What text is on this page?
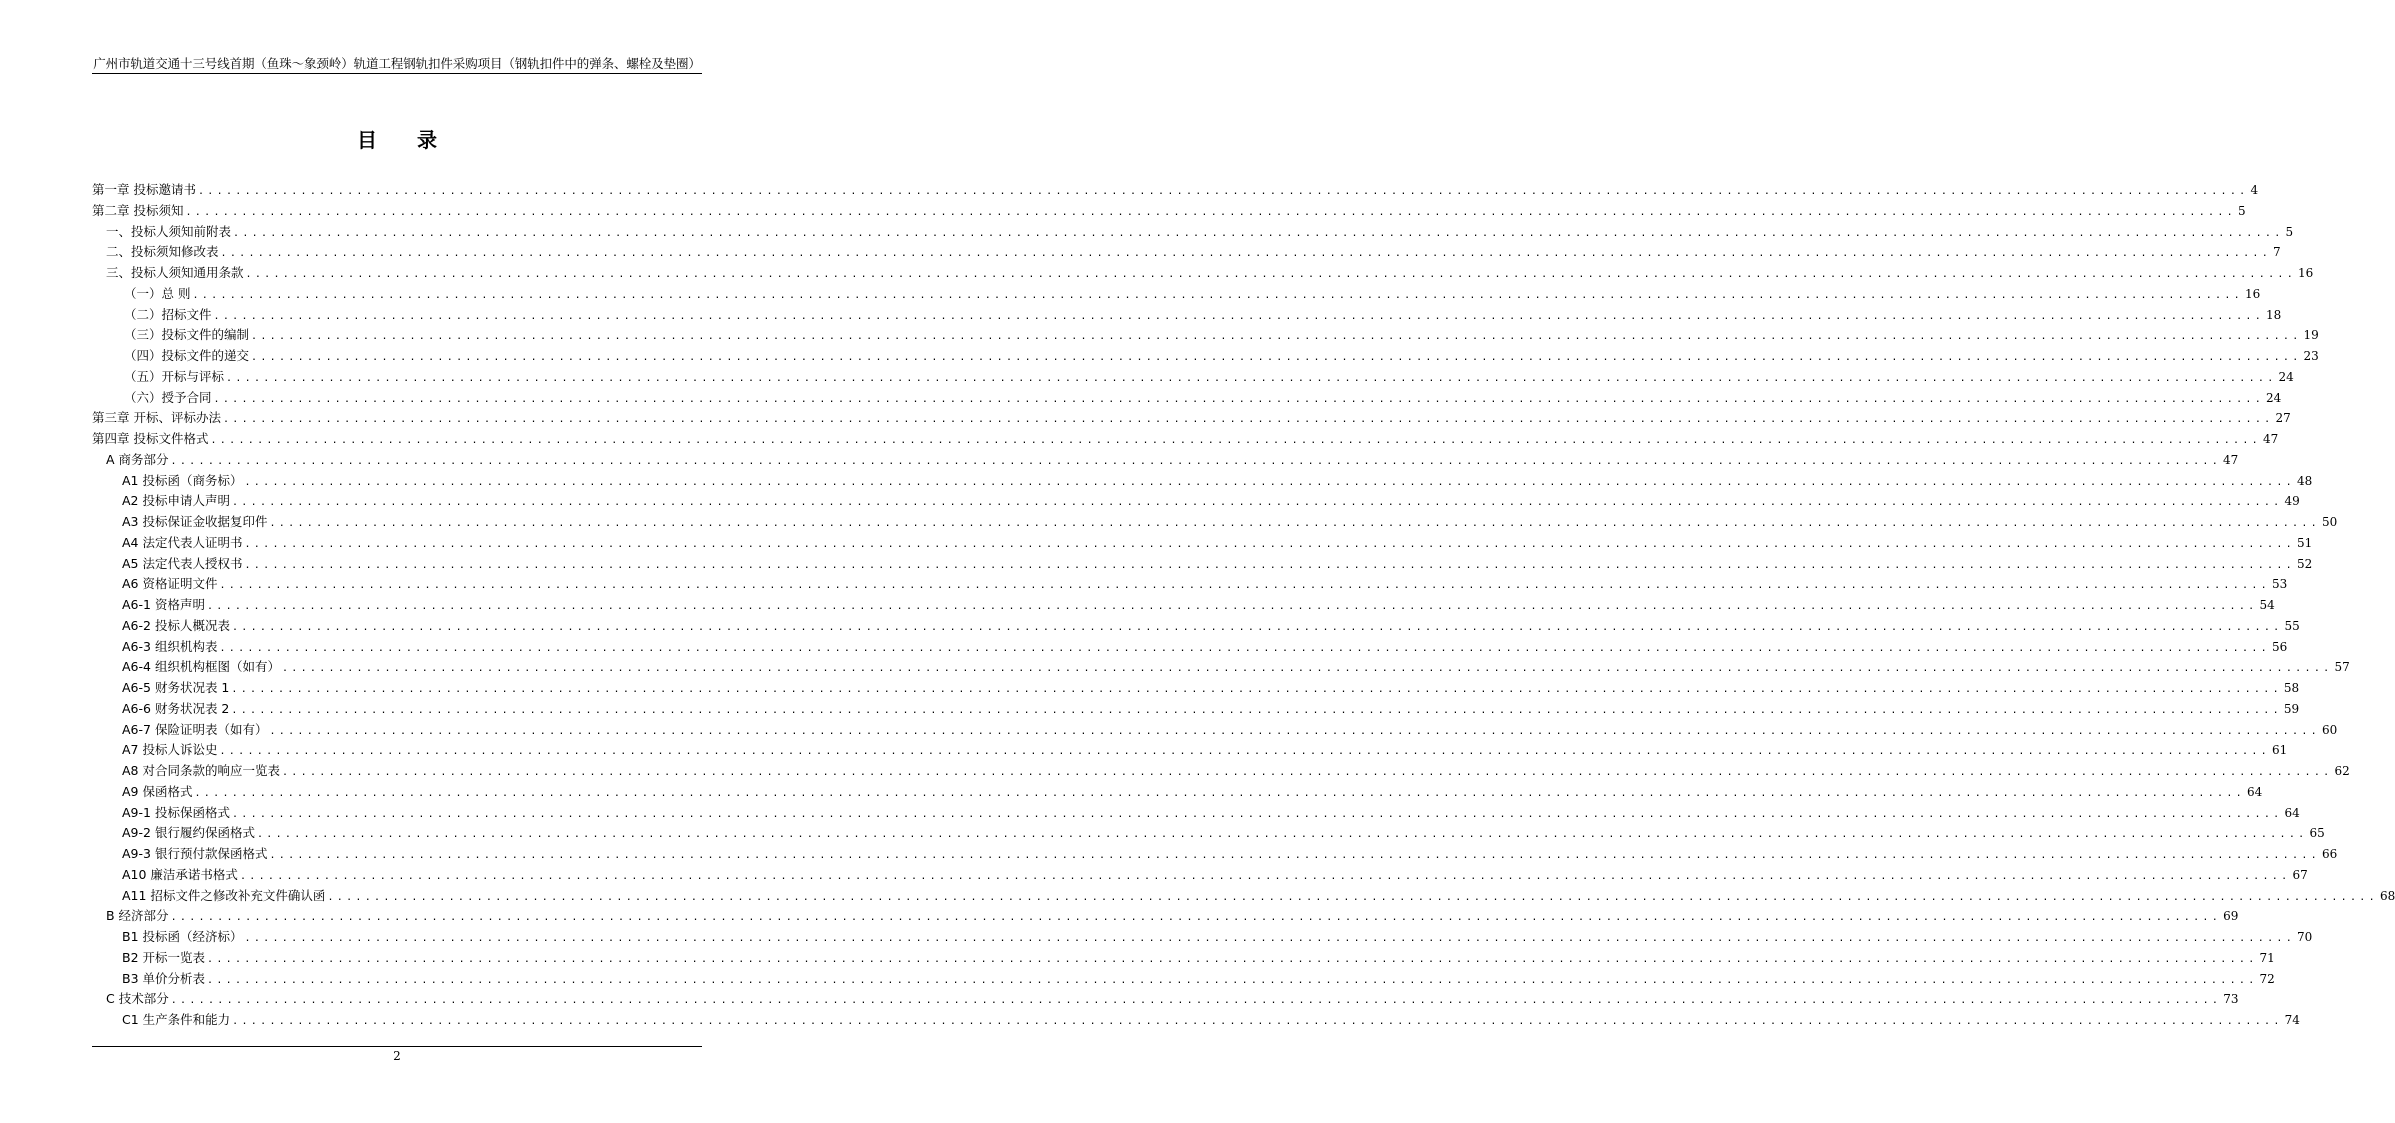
广州市轨道交通十三号线首期（鱼珠～象颈岭）轨道工程钢轨扣件采购项目（钢轨扣件中的弹条、螺栓及垫圈）
目录
第一章 投标邀请书 ............................................................................................................................................................................................................................ 4
第二章 投标须知 ............................................................................................................................................................................................................................ 5
一、投标人须知前附表 ............................................................................................................................................................................................................................ 5
二、投标须知修改表 ............................................................................................................................................................................................................................ 7
三、投标人须知通用条款 ............................................................................................................................................................................................................................ 16
（一）总 则 ............................................................................................................................................................................................................................ 16
（二）招标文件 ............................................................................................................................................................................................................................ 18
（三）投标文件的编制 ............................................................................................................................................................................................................................ 19
（四）投标文件的递交 ............................................................................................................................................................................................................................ 23
（五）开标与评标 ............................................................................................................................................................................................................................ 24
（六）授予合同 ............................................................................................................................................................................................................................ 24
第三章 开标、评标办法 ............................................................................................................................................................................................................................ 27
第四章 投标文件格式 ............................................................................................................................................................................................................................ 47
A 商务部分 ............................................................................................................................................................................................................................ 47
A1 投标函（商务标） ............................................................................................................................................................................................................................ 48
A2 投标申请人声明 ............................................................................................................................................................................................................................ 49
A3 投标保证金收据复印件 ............................................................................................................................................................................................................................ 50
A4 法定代表人证明书 ............................................................................................................................................................................................................................ 51
A5 法定代表人授权书 ............................................................................................................................................................................................................................ 52
A6 资格证明文件 ............................................................................................................................................................................................................................ 53
A6-1 资格声明 ............................................................................................................................................................................................................................ 54
A6-2 投标人概况表 ............................................................................................................................................................................................................................ 55
A6-3 组织机构表 ............................................................................................................................................................................................................................ 56
A6-4 组织机构框图（如有） ............................................................................................................................................................................................................................ 57
A6-5 财务状况表 1 ............................................................................................................................................................................................................................ 58
A6-6 财务状况表 2 ............................................................................................................................................................................................................................ 59
A6-7 保险证明表（如有） ............................................................................................................................................................................................................................ 60
A7 投标人诉讼史 ............................................................................................................................................................................................................................ 61
A8 对合同条款的响应一览表 ............................................................................................................................................................................................................................ 62
A9 保函格式 ............................................................................................................................................................................................................................ 64
A9-1 投标保函格式 ............................................................................................................................................................................................................................ 64
A9-2 银行履约保函格式 ............................................................................................................................................................................................................................ 65
A9-3 银行预付款保函格式 ............................................................................................................................................................................................................................ 66
A10 廉洁承诺书格式 ............................................................................................................................................................................................................................ 67
A11 招标文件之修改补充文件确认函 ............................................................................................................................................................................................................................ 68
B 经济部分 ............................................................................................................................................................................................................................ 69
B1 投标函（经济标） ............................................................................................................................................................................................................................ 70
B2 开标一览表 ............................................................................................................................................................................................................................ 71
B3 单价分析表 ............................................................................................................................................................................................................................ 72
C 技术部分 ............................................................................................................................................................................................................................ 73
C1 生产条件和能力 ............................................................................................................................................................................................................................ 74
2
